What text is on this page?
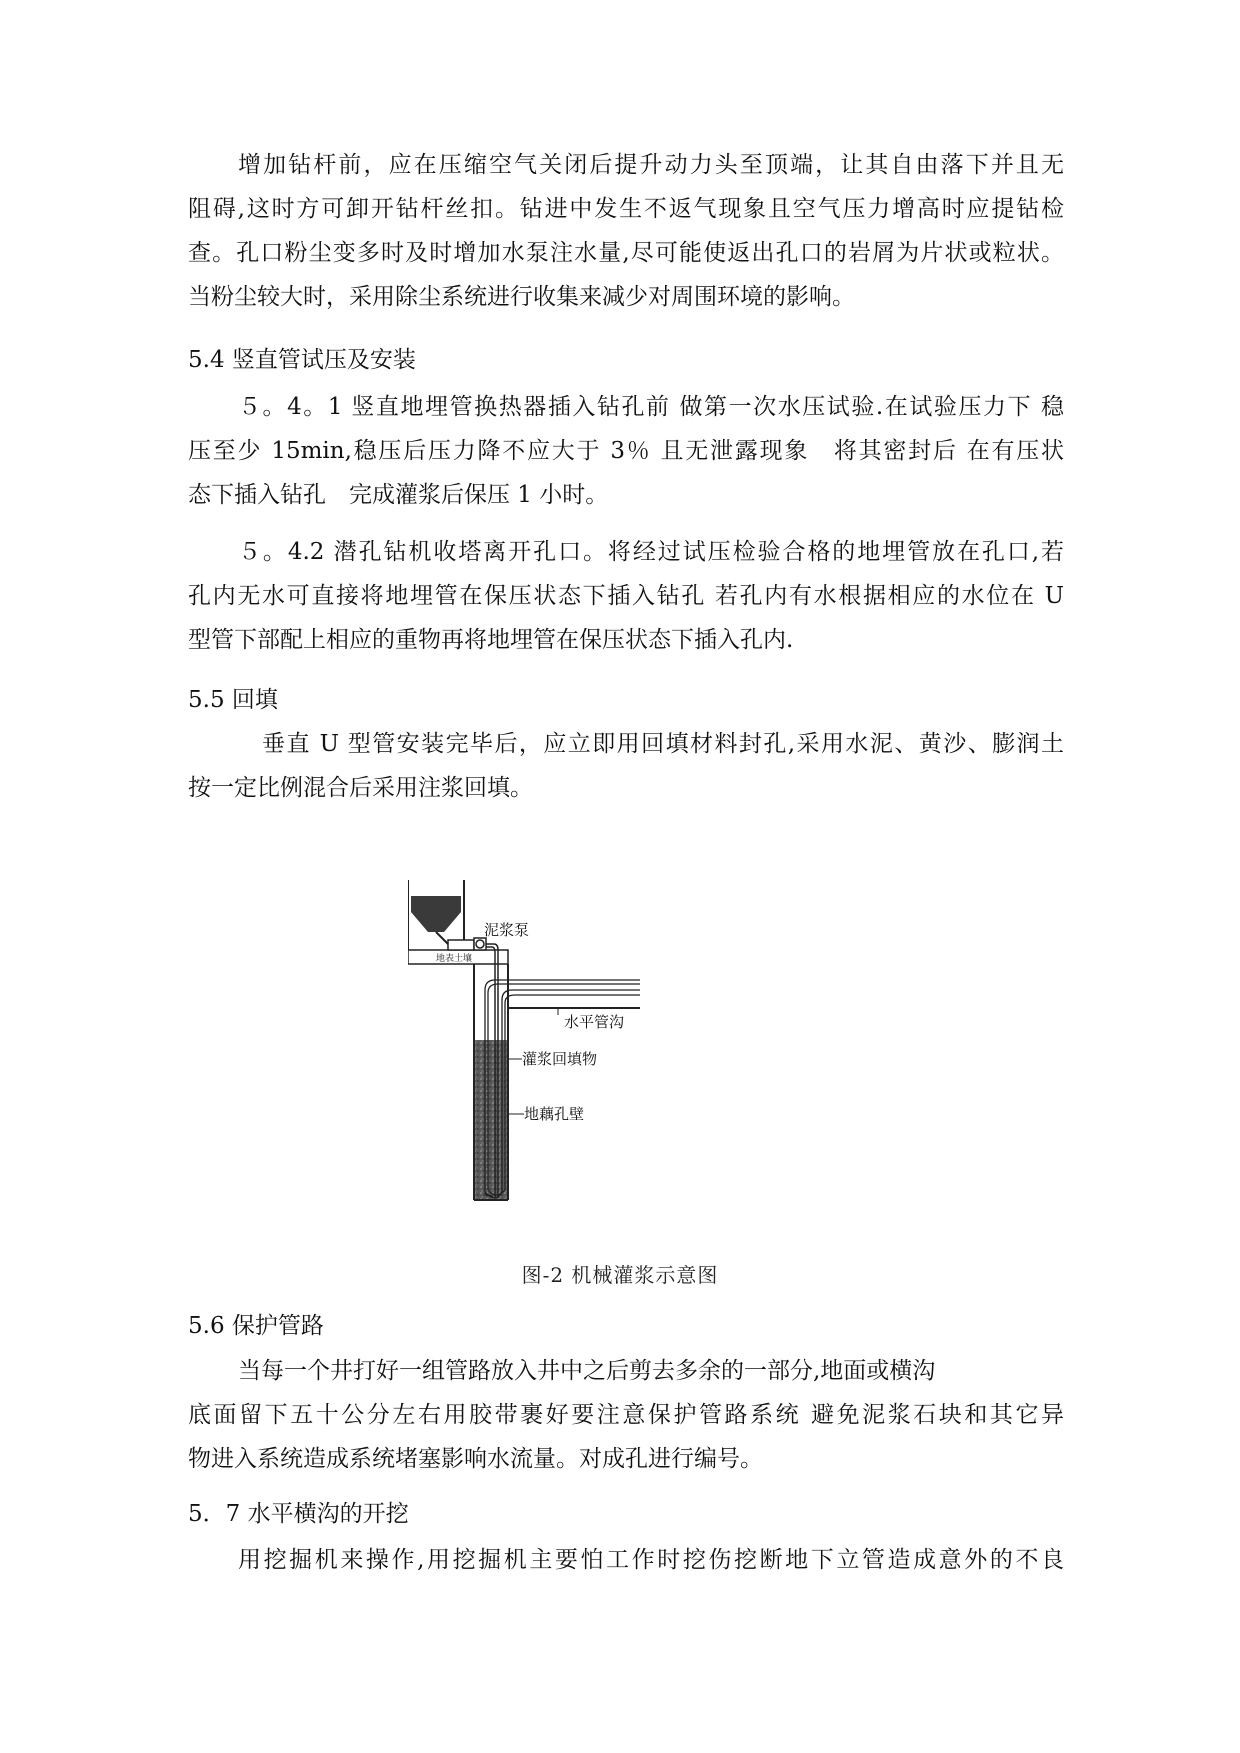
增加钻杆前，应在压缩空气关闭后提升动力头至顶端，让其自由落下并且无
阻碍,这时方可卸开钻杆丝扣。钻进中发生不返气现象且空气压力增高时应提钻检
查。孔口粉尘变多时及时增加水泵注水量,尽可能使返出孔口的岩屑为片状或粒状。
当粉尘较大时，采用除尘系统进行收集来减少对周围环境的影响。
5.4 竖直管试压及安装
５。4。1 竖直地埋管换热器插入钻孔前 做第一次水压试验.在试验压力下 稳
压至少 15min,稳压后压力降不应大于 3％ 且无泄露现象　将其密封后 在有压状
态下插入钻孔　完成灌浆后保压 1 小时。
５。4.2 潜孔钻机收塔离开孔口。将经过试压检验合格的地埋管放在孔口,若
孔内无水可直接将地埋管在保压状态下插入钻孔 若孔内有水根据相应的水位在 U
型管下部配上相应的重物再将地埋管在保压状态下插入孔内.
5.5 回填
垂直 U 型管安装完毕后，应立即用回填材料封孔,采用水泥、黄沙、膨润土
按一定比例混合后采用注浆回填。
地表土壤
泥浆泵
水平管沟
灌浆回填物
地藕孔壁
图-2 机械灌浆示意图
5.6 保护管路
当每一个井打好一组管路放入井中之后剪去多余的一部分,地面或横沟
底面留下五十公分左右用胶带裹好要注意保护管路系统 避免泥浆石块和其它异
物进入系统造成系统堵塞影响水流量。对成孔进行编号。
5．7 水平横沟的开挖
用挖掘机来操作,用挖掘机主要怕工作时挖伤挖断地下立管造成意外的不良
